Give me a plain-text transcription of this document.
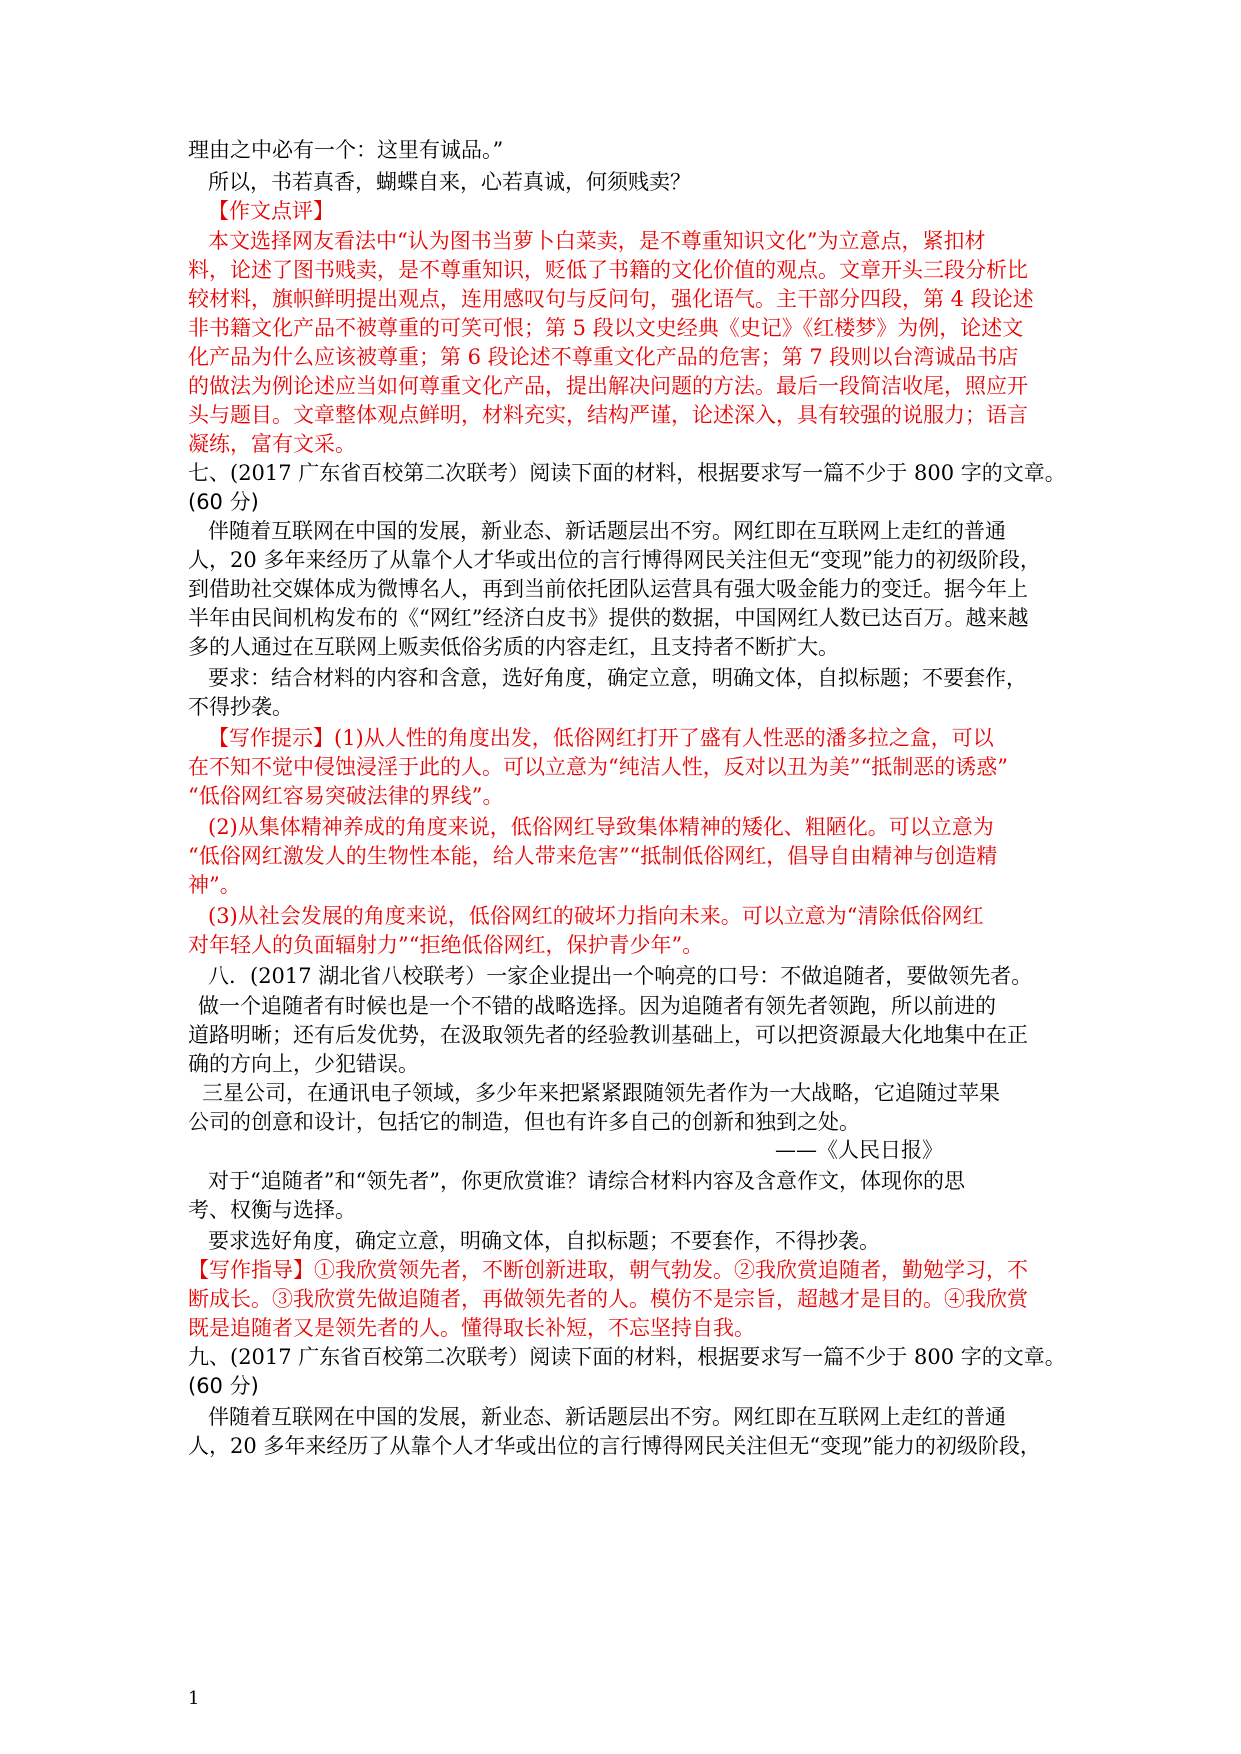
理由之中必有一个：这里有诚品。”
所以，书若真香，蝴蝶自来，心若真诚，何须贱卖？
【作文点评】
本文选择网友看法中“认为图书当萝卜白菜卖，是不尊重知识文化”为立意点，紧扣材
料，论述了图书贱卖，是不尊重知识，贬低了书籍的文化价值的观点。文章开头三段分析比
较材料，旗帜鲜明提出观点，连用感叹句与反问句，强化语气。主干部分四段，第 4 段论述
非书籍文化产品不被尊重的可笑可恨；第 5 段以文史经典《史记》《红楼梦》为例，论述文
化产品为什么应该被尊重；第 6 段论述不尊重文化产品的危害；第 7 段则以台湾诚品书店
的做法为例论述应当如何尊重文化产品，提出解决问题的方法。最后一段简洁收尾，照应开
头与题目。文章整体观点鲜明，材料充实，结构严谨，论述深入，具有较强的说服力；语言
凝练，富有文采。
七、(2017 广东省百校第二次联考）阅读下面的材料，根据要求写一篇不少于 800 字的文章。
(60 分)
伴随着互联网在中国的发展，新业态、新话题层出不穷。网红即在互联网上走红的普通
人，20 多年来经历了从靠个人才华或出位的言行博得网民关注但无“变现”能力的初级阶段，
到借助社交媒体成为微博名人，再到当前依托团队运营具有强大吸金能力的变迁。据今年上
半年由民间机构发布的《“网红”经济白皮书》提供的数据，中国网红人数已达百万。越来越
多的人通过在互联网上贩卖低俗劣质的内容走红，且支持者不断扩大。
要求：结合材料的内容和含意，选好角度，确定立意，明确文体，自拟标题；不要套作，
不得抄袭。
【写作提示】(1)从人性的角度出发，低俗网红打开了盛有人性恶的潘多拉之盒，可以
在不知不觉中侵蚀浸淫于此的人。可以立意为“纯洁人性，反对以丑为美”“抵制恶的诱惑”
“低俗网红容易突破法律的界线”。
(2)从集体精神养成的角度来说，低俗网红导致集体精神的矮化、粗陋化。可以立意为
“低俗网红激发人的生物性本能，给人带来危害”“抵制低俗网红，倡导自由精神与创造精
神”。
(3)从社会发展的角度来说，低俗网红的破坏力指向未来。可以立意为“清除低俗网红
对年轻人的负面辐射力”“拒绝低俗网红，保护青少年”。
八．(2017 湖北省八校联考）一家企业提出一个响亮的口号：不做追随者，要做领先者。
做一个追随者有时候也是一个不错的战略选择。因为追随者有领先者领跑，所以前进的
道路明晰；还有后发优势，在汲取领先者的经验教训基础上，可以把资源最大化地集中在正
确的方向上，少犯错误。
三星公司，在通讯电子领域，多少年来把紧紧跟随领先者作为一大战略，它追随过苹果
公司的创意和设计，包括它的制造，但也有许多自己的创新和独到之处。
——《人民日报》
对于“追随者”和“领先者”，你更欣赏谁？请综合材料内容及含意作文，体现你的思
考、权衡与选择。
要求选好角度，确定立意，明确文体，自拟标题；不要套作，不得抄袭。
【写作指导】①我欣赏领先者，不断创新进取，朝气勃发。②我欣赏追随者，勤勉学习，不
断成长。③我欣赏先做追随者，再做领先者的人。模仿不是宗旨，超越才是目的。④我欣赏
既是追随者又是领先者的人。懂得取长补短，不忘坚持自我。
九、(2017 广东省百校第二次联考）阅读下面的材料，根据要求写一篇不少于 800 字的文章。
(60 分)
伴随着互联网在中国的发展，新业态、新话题层出不穷。网红即在互联网上走红的普通
人，20 多年来经历了从靠个人才华或出位的言行博得网民关注但无“变现”能力的初级阶段，
1
